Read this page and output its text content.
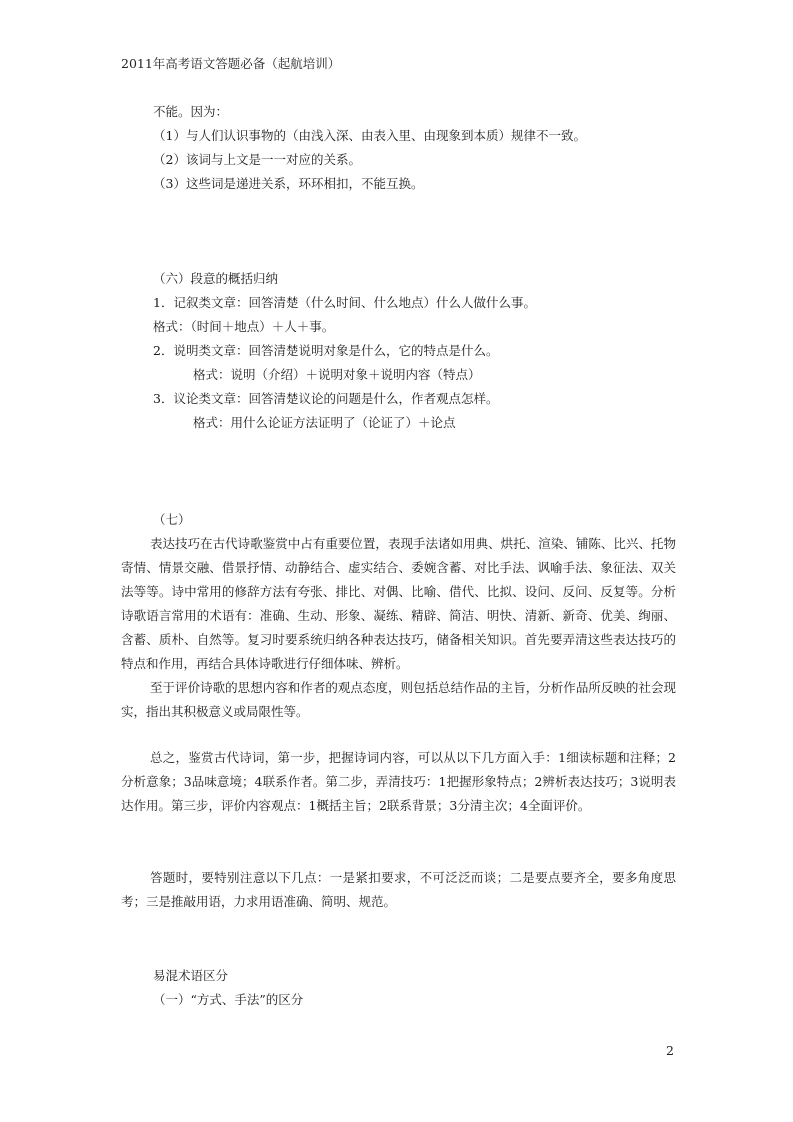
2011年高考语文答题必备（起航培训）
不能。因为：
（1）与人们认识事物的（由浅入深、由表入里、由现象到本质）规律不一致。
（2）该词与上文是一一对应的关系。
（3）这些词是递进关系，环环相扣，不能互换。
（六）段意的概括归纳
1．记叙类文章：回答清楚（什么时间、什么地点）什么人做什么事。
格式：（时间＋地点）＋人＋事。
2．说明类文章：回答清楚说明对象是什么，它的特点是什么。
格式：说明（介绍）＋说明对象＋说明内容（特点）
3．议论类文章：回答清楚议论的问题是什么，作者观点怎样。
格式：用什么论证方法证明了（论证了）＋论点
（七）
表达技巧在古代诗歌鉴赏中占有重要位置，表现手法诸如用典、烘托、渲染、铺陈、比兴、托物寄情、情景交融、借景抒情、动静结合、虚实结合、委婉含蓄、对比手法、讽喻手法、象征法、双关法等等。诗中常用的修辞方法有夸张、排比、对偶、比喻、借代、比拟、设问、反问、反复等。分析诗歌语言常用的术语有：准确、生动、形象、凝练、精辟、简洁、明快、清新、新奇、优美、绚丽、含蓄、质朴、自然等。复习时要系统归纳各种表达技巧，储备相关知识。首先要弄清这些表达技巧的特点和作用，再结合具体诗歌进行仔细体味、辨析。
至于评价诗歌的思想内容和作者的观点态度，则包括总结作品的主旨，分析作品所反映的社会现实，指出其积极意义或局限性等。
总之，鉴赏古代诗词，第一步，把握诗词内容，可以从以下几方面入手：1细读标题和注释；2分析意象；3品味意境；4联系作者。第二步，弄清技巧：1把握形象特点；2辨析表达技巧；3说明表达作用。第三步，评价内容观点：1概括主旨；2联系背景；3分清主次；4全面评价。
答题时，要特别注意以下几点：一是紧扣要求，不可泛泛而谈；二是要点要齐全，要多角度思考；三是推敲用语，力求用语准确、简明、规范。
易混术语区分
（一）“方式、手法”的区分
2
